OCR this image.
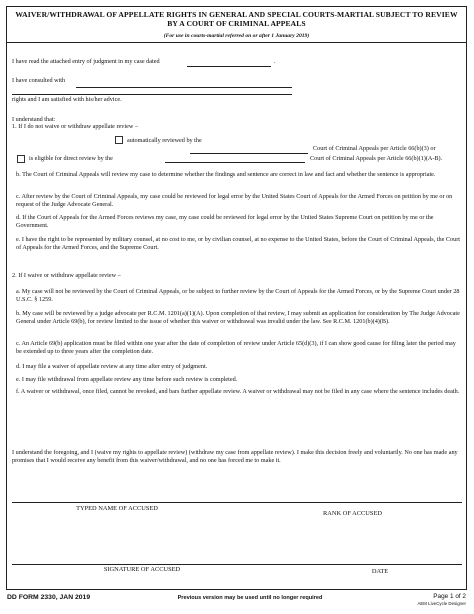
WAIVER/WITHDRAWAL OF APPELLATE RIGHTS IN GENERAL AND SPECIAL COURTS-MARTIAL SUBJECT TO REVIEW BY A COURT OF CRIMINAL APPEALS
(For use in courts-martial referred on or after 1 January 2019)
I have read the attached entry of judgment in my case dated	.
I have consulted with
rights and I am satisfied with his/her advice.
I understand that:
1. If I do not waive or withdraw appellate review –
automatically reviewed by the
Court of Criminal Appeals per Article 66(b)(3) or
is eligible for direct review by the	Court of Criminal Appeals per Article 66(b)(1)(A-B).
b. The Court of Criminal Appeals will review my case to determine whether the findings and sentence are correct in law and fact and whether the sentence is appropriate.
c. After review by the Court of Criminal Appeals, my case could be reviewed for legal error by the United States Court of Appeals for the Armed Forces on petition by me or on request of the Judge Advocate General.
d. If the Court of Appeals for the Armed Forces reviews my case, my case could be reviewed for legal error by the United States Supreme Court on petition by me or the Government.
e. I have the right to be represented by military counsel, at no cost to me, or by civilian counsel, at no expense to the United States, before the Court of Criminal Appeals, the Court of Appeals for the Armed Forces, and the Supreme Court.
2. If I waive or withdraw appellate review –
a. My case will not be reviewed by the Court of Criminal Appeals, or be subject to further review by the Court of Appeals for the Armed Forces, or by the Supreme Court under 28 U.S.C. § 1259.
b. My case will be reviewed by a judge advocate per R.C.M. 1201(a)(1)(A). Upon completion of that review, I may submit an application for consideration by The Judge Advocate General under Article 69(b), for review limited to the issue of whether this waiver or withdrawal was invalid under the law. See R.C.M. 1201(b)(4)(B).
c. An Article 69(b) application must be filed within one year after the date of completion of review under Article 65(d)(3), if I can show good cause for filing later the period may be extended up to three years after the completion date.
d. I may file a waiver of appellate review at any time after entry of judgment.
e. I may file withdrawal from appellate review any time before such review is completed.
f. A waiver or withdrawal, once filed, cannot be revoked, and bars further appellate review. A waiver or withdrawal may not be filed in any case where the sentence includes death.
I understand the foregoing, and I (waive my rights to appellate review) (withdraw my case from appellate review). I make this decision freely and voluntarily. No one has made any promises that I would receive any benefit from this waiver/withdrawal, and no one has forced me to make it.
TYPED NAME OF ACCUSED
RANK OF ACCUSED
SIGNATURE OF ACCUSED	DATE
DD FORM 2330, JAN 2019	Previous version may be used until no longer required	Page 1 of 2
AEM LiveCycle Designer
